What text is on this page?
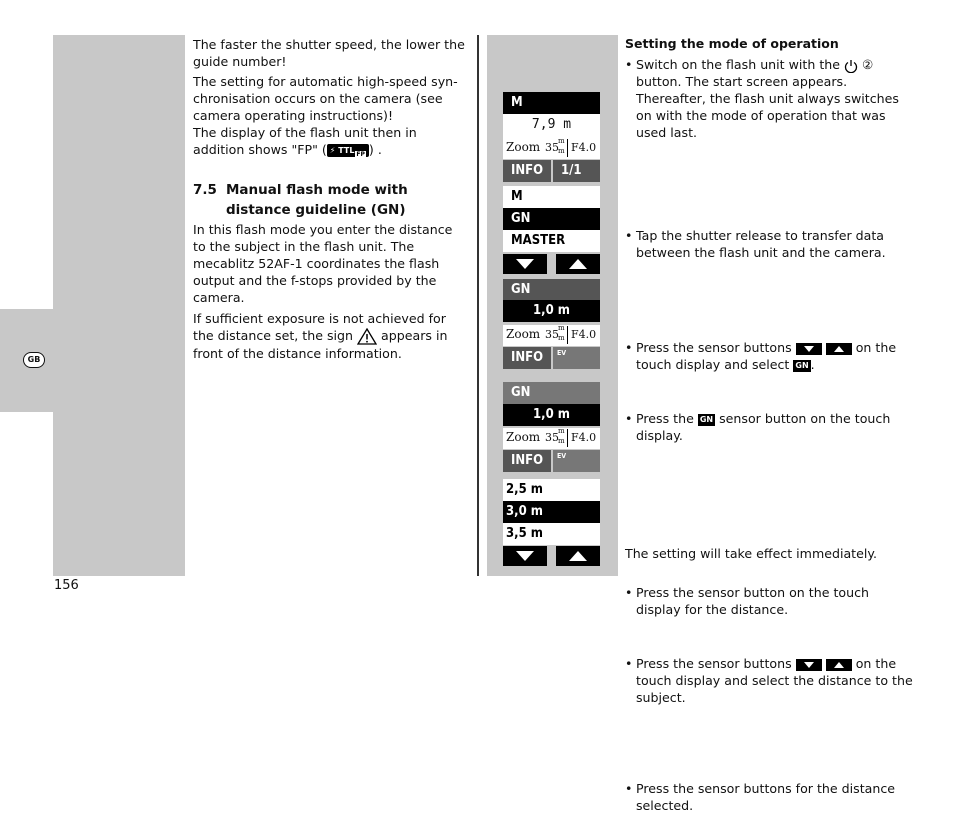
GB
156

The faster the shutter speed, the lower the guide number!

The setting for automatic high-speed syn-chronisation occurs on the camera (see camera operating instructions)!

The display of the flash unit then in addition shows "FP" ( ⚡ TTL $_{FP}$ ) .

7.5 Manual flash mode with distance guideline (GN)

In this flash mode you enter the distance to the subject in the flash unit. The mecablitz 52AF-1 coordinates the flash output and the f-stops provided by the camera.

If sufficient exposure is not achieved for the distance set, the sign appears in front of the distance information.

M
7,9 m
Zoom 35 m
m F4.0
INFO	1/1
M
GN
MASTER
GN
1,0 m
Zoom 35 m
m F4.0
INFO	EV
GN
1,0 m
Zoom 35 m
m F4.0
INFO	EV
2,5 m
3,0 m
3,5 m
Setting the mode of operation
• Switch on the flash unit with the ② button. The start screen appears. Thereafter, the flash unit always switches on with the mode of operation that was used last.
• Tap the shutter release to transfer data between the flash unit and the camera.
• Press the sensor buttons	on the touch display and select GN .
• Press the GN sensor button on the touch display.
• Press the sensor button on the touch display for the distance.
• Press the sensor buttons	on the touch display and select the distance to the subject.
• Press the sensor buttons for the distance selected.
The setting will take effect immediately.
